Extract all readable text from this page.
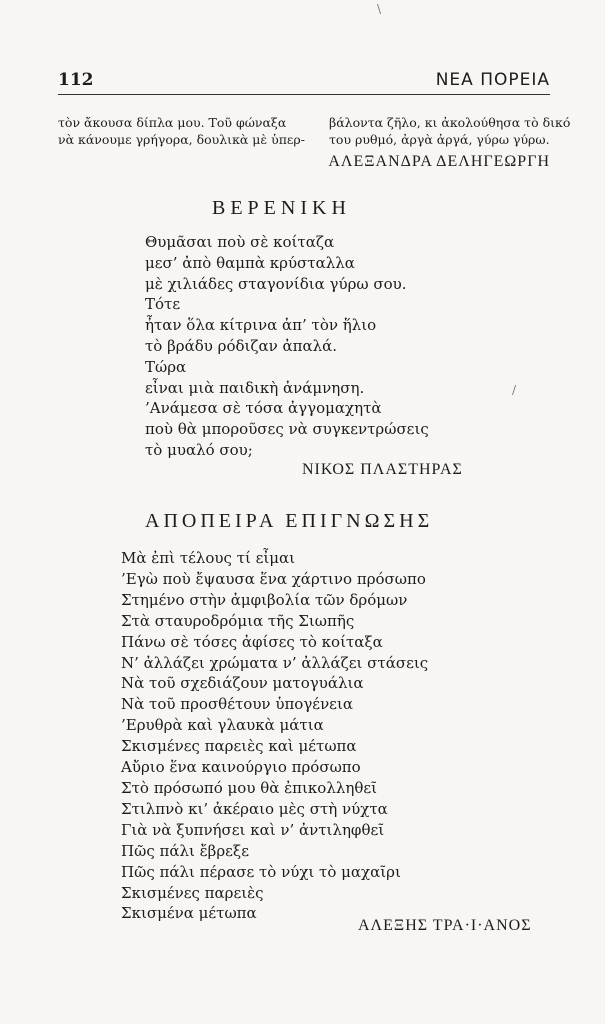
\
112	ΝΕΑ ΠΟΡΕΙΑ
τὸν ἄκουσα δίπλα μου. Τοῦ φώναξα
νὰ κάνουμε γρήγορα, δουλικὰ μὲ ὑπερ-
βάλοντα ζῆλο, κι ἀκολούθησα τὸ δικό
του ρυθμό, ἀργὰ ἀργά, γύρω γύρω.
ΑΛΕΞΑΝΔΡΑ ΔΕΛΗΓΕΩΡΓΗ
ΒΕΡΕΝΙΚΗ
Θυμᾶσαι ποὺ σὲ κοίταζα
μεσ’ ἀπὸ θαμπὰ κρύσταλλα
μὲ χιλιάδες σταγονίδια γύρω σου.
Τότε
ἦταν ὅλα κίτρινα ἀπ’ τὸν ἥλιο
τὸ βράδυ ρόδιζαν ἀπαλά.
Τώρα
εἶναι μιὰ παιδικὴ ἀνάμνηση.
’Ανάμεσα σὲ τόσα ἀγγομαχητὰ
ποὺ θὰ μποροῦσες νὰ συγκεντρώσεις
τὸ μυαλό σου;
/
ΝΙΚΟΣ ΠΛΑΣΤΗΡΑΣ
ΑΠΟΠΕΙΡΑ ΕΠΙΓΝΩΣΗΣ
Μὰ ἐπὶ τέλους τί εἶμαι
’Εγὼ ποὺ ἔψαυσα ἕνα χάρτινο πρόσωπο
Στημένο στὴν ἀμφιβολία τῶν δρόμων
Στὰ σταυροδρόμια τῆς Σιωπῆς
Πάνω σὲ τόσες ἀφίσες τὸ κοίταξα
Ν’ ἀλλάζει χρώματα ν’ ἀλλάζει στάσεις
Νὰ τοῦ σχεδιάζουν ματογυάλια
Νὰ τοῦ προσθέτουν ὑπογένεια
’Ερυθρὰ καὶ γλαυκὰ μάτια
Σκισμένες παρειὲς καὶ μέτωπα
Αὔριο ἕνα καινούργιο πρόσωπο
Στὸ πρόσωπό μου θὰ ἐπικολληθεῖ
Στιλπνὸ κι’ ἀκέραιο μὲς στὴ νύχτα
Γιὰ νὰ ξυπνήσει καὶ ν’ ἀντιληφθεῖ
Πῶς πάλι ἔβρεξε
Πῶς πάλι πέρασε τὸ νύχι τὸ μαχαῖρι
Σκισμένες παρειὲς
Σκισμένα μέτωπα
ΑΛΕΞΗΣ ΤΡΑ·Ι·ΑΝΟΣ
